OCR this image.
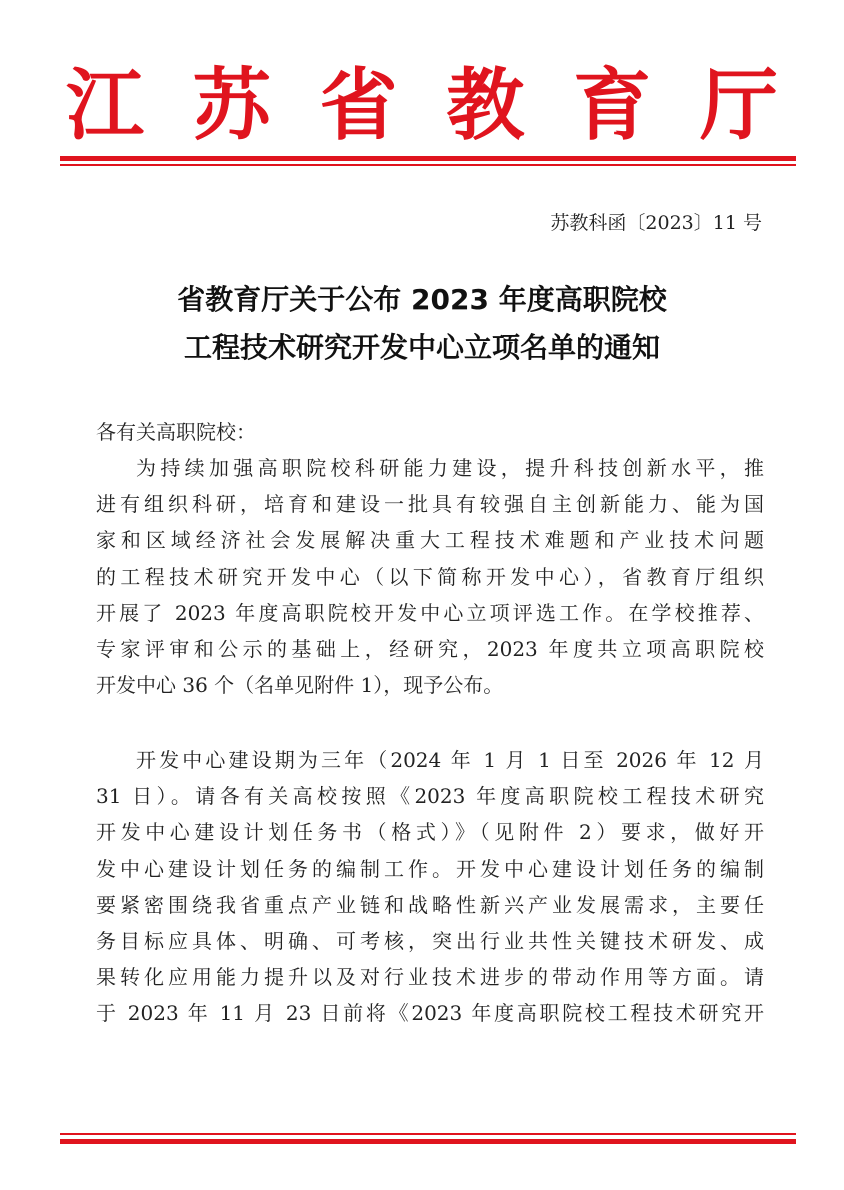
江 苏 省 教 育 厅
苏教科函〔2023〕11 号
省教育厅关于公布 2023 年度高职院校
工程技术研究开发中心立项名单的通知
各有关高职院校：
为持续加强高职院校科研能力建设，提升科技创新水平，推
进有组织科研，培育和建设一批具有较强自主创新能力、能为国
家和区域经济社会发展解决重大工程技术难题和产业技术问题
的工程技术研究开发中心（以下简称开发中心），省教育厅组织
开展了 2023 年度高职院校开发中心立项评选工作。在学校推荐、
专家评审和公示的基础上，经研究，2023 年度共立项高职院校
开发中心 36 个（名单见附件 1），现予公布。
开发中心建设期为三年（2024 年 1 月 1 日至 2026 年 12 月
31 日）。请各有关高校按照《2023 年度高职院校工程技术研究
开发中心建设计划任务书（格式）》（见附件 2）要求，做好开
发中心建设计划任务的编制工作。开发中心建设计划任务的编制
要紧密围绕我省重点产业链和战略性新兴产业发展需求，主要任
务目标应具体、明确、可考核，突出行业共性关键技术研发、成
果转化应用能力提升以及对行业技术进步的带动作用等方面。请
于 2023 年 11 月 23 日前将《2023 年度高职院校工程技术研究开
